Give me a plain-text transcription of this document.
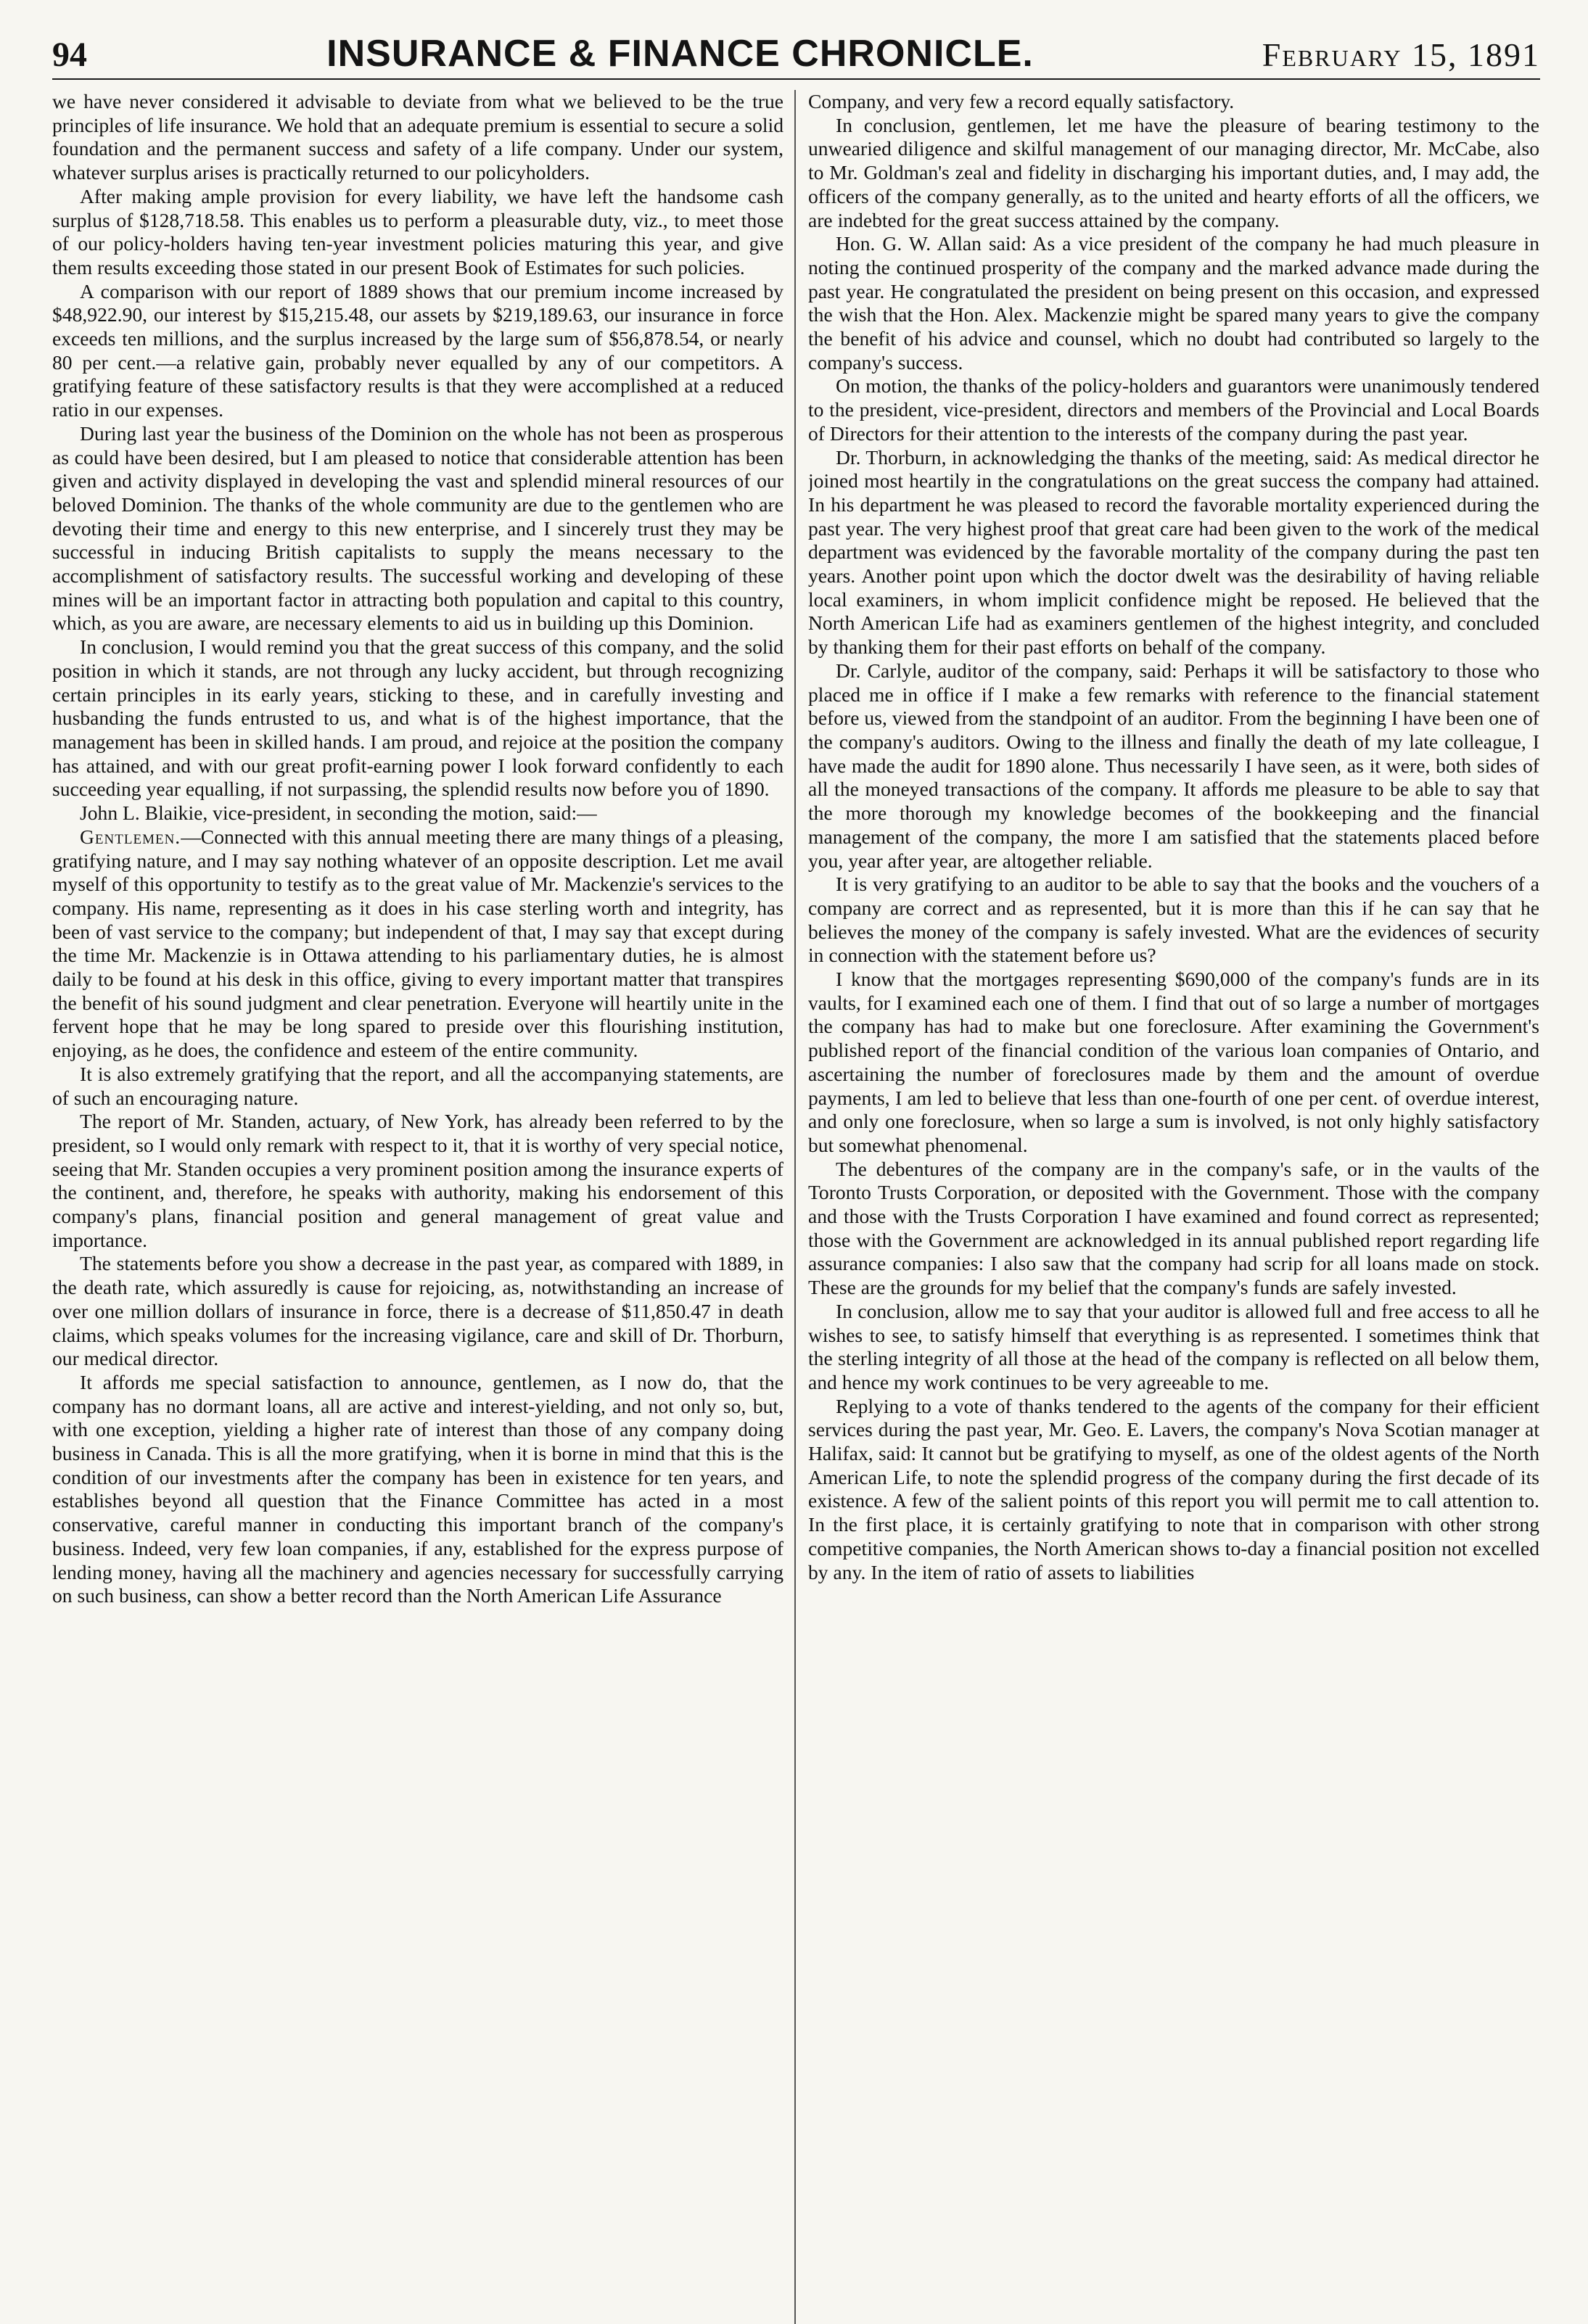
94	INSURANCE & FINANCE CHRONICLE.	February 15, 1891

we have never considered it advisable to deviate from what we believed to be the true principles of life insurance. We hold that an adequate premium is essential to secure a solid foundation and the permanent success and safety of a life company. Under our system, whatever surplus arises is practically returned to our policyholders.

After making ample provision for every liability, we have left the handsome cash surplus of $128,718.58. This enables us to perform a pleasurable duty, viz., to meet those of our policy-holders having ten-year investment policies maturing this year, and give them results exceeding those stated in our present Book of Estimates for such policies.

A comparison with our report of 1889 shows that our premium income increased by $48,922.90, our interest by $15,215.48, our assets by $219,189.63, our insurance in force exceeds ten millions, and the surplus increased by the large sum of $56,878.54, or nearly 80 per cent.—a relative gain, probably never equalled by any of our competitors. A gratifying feature of these satisfactory results is that they were accomplished at a reduced ratio in our expenses.

During last year the business of the Dominion on the whole has not been as prosperous as could have been desired, but I am pleased to notice that considerable attention has been given and activity displayed in developing the vast and splendid mineral resources of our beloved Dominion. The thanks of the whole community are due to the gentlemen who are devoting their time and energy to this new enterprise, and I sincerely trust they may be successful in inducing British capitalists to supply the means necessary to the accomplishment of satisfactory results. The successful working and developing of these mines will be an important factor in attracting both population and capital to this country, which, as you are aware, are necessary elements to aid us in building up this Dominion.

In conclusion, I would remind you that the great success of this company, and the solid position in which it stands, are not through any lucky accident, but through recognizing certain principles in its early years, sticking to these, and in carefully investing and husbanding the funds entrusted to us, and what is of the highest importance, that the management has been in skilled hands. I am proud, and rejoice at the position the company has attained, and with our great profit-earning power I look forward confidently to each succeeding year equalling, if not surpassing, the splendid results now before you of 1890.

John L. Blaikie, vice-president, in seconding the motion, said:—

Gentlemen.—Connected with this annual meeting there are many things of a pleasing, gratifying nature, and I may say nothing whatever of an opposite description. Let me avail myself of this opportunity to testify as to the great value of Mr. Mackenzie's services to the company. His name, representing as it does in his case sterling worth and integrity, has been of vast service to the company; but independent of that, I may say that except during the time Mr. Mackenzie is in Ottawa attending to his parliamentary duties, he is almost daily to be found at his desk in this office, giving to every important matter that transpires the benefit of his sound judgment and clear penetration. Everyone will heartily unite in the fervent hope that he may be long spared to preside over this flourishing institution, enjoying, as he does, the confidence and esteem of the entire community.

It is also extremely gratifying that the report, and all the accompanying statements, are of such an encouraging nature.

The report of Mr. Standen, actuary, of New York, has already been referred to by the president, so I would only remark with respect to it, that it is worthy of very special notice, seeing that Mr. Standen occupies a very prominent position among the insurance experts of the continent, and, therefore, he speaks with authority, making his endorsement of this company's plans, financial position and general management of great value and importance.

The statements before you show a decrease in the past year, as compared with 1889, in the death rate, which assuredly is cause for rejoicing, as, notwithstanding an increase of over one million dollars of insurance in force, there is a decrease of $11,850.47 in death claims, which speaks volumes for the increasing vigilance, care and skill of Dr. Thorburn, our medical director.

It affords me special satisfaction to announce, gentlemen, as I now do, that the company has no dormant loans, all are active and interest-yielding, and not only so, but, with one exception, yielding a higher rate of interest than those of any company doing business in Canada. This is all the more gratifying, when it is borne in mind that this is the condition of our investments after the company has been in existence for ten years, and establishes beyond all question that the Finance Committee has acted in a most conservative, careful manner in conducting this important branch of the company's business. Indeed, very few loan companies, if any, established for the express purpose of lending money, having all the machinery and agencies necessary for successfully carrying on such business, can show a better record than the North American Life Assurance

Company, and very few a record equally satisfactory.

In conclusion, gentlemen, let me have the pleasure of bearing testimony to the unwearied diligence and skilful management of our managing director, Mr. McCabe, also to Mr. Goldman's zeal and fidelity in discharging his important duties, and, I may add, the officers of the company generally, as to the united and hearty efforts of all the officers, we are indebted for the great success attained by the company.

Hon. G. W. Allan said: As a vice president of the company he had much pleasure in noting the continued prosperity of the company and the marked advance made during the past year. He congratulated the president on being present on this occasion, and expressed the wish that the Hon. Alex. Mackenzie might be spared many years to give the company the benefit of his advice and counsel, which no doubt had contributed so largely to the company's success.

On motion, the thanks of the policy-holders and guarantors were unanimously tendered to the president, vice-president, directors and members of the Provincial and Local Boards of Directors for their attention to the interests of the company during the past year.

Dr. Thorburn, in acknowledging the thanks of the meeting, said: As medical director he joined most heartily in the congratulations on the great success the company had attained. In his department he was pleased to record the favorable mortality experienced during the past year. The very highest proof that great care had been given to the work of the medical department was evidenced by the favorable mortality of the company during the past ten years. Another point upon which the doctor dwelt was the desirability of having reliable local examiners, in whom implicit confidence might be reposed. He believed that the North American Life had as examiners gentlemen of the highest integrity, and concluded by thanking them for their past efforts on behalf of the company.

Dr. Carlyle, auditor of the company, said: Perhaps it will be satisfactory to those who placed me in office if I make a few remarks with reference to the financial statement before us, viewed from the standpoint of an auditor. From the beginning I have been one of the company's auditors. Owing to the illness and finally the death of my late colleague, I have made the audit for 1890 alone. Thus necessarily I have seen, as it were, both sides of all the moneyed transactions of the company. It affords me pleasure to be able to say that the more thorough my knowledge becomes of the bookkeeping and the financial management of the company, the more I am satisfied that the statements placed before you, year after year, are altogether reliable.

It is very gratifying to an auditor to be able to say that the books and the vouchers of a company are correct and as represented, but it is more than this if he can say that he believes the money of the company is safely invested. What are the evidences of security in connection with the statement before us?

I know that the mortgages representing $690,000 of the company's funds are in its vaults, for I examined each one of them. I find that out of so large a number of mortgages the company has had to make but one foreclosure. After examining the Government's published report of the financial condition of the various loan companies of Ontario, and ascertaining the number of foreclosures made by them and the amount of overdue payments, I am led to believe that less than one-fourth of one per cent. of overdue interest, and only one foreclosure, when so large a sum is involved, is not only highly satisfactory but somewhat phenomenal.

The debentures of the company are in the company's safe, or in the vaults of the Toronto Trusts Corporation, or deposited with the Government. Those with the company and those with the Trusts Corporation I have examined and found correct as represented; those with the Government are acknowledged in its annual published report regarding life assurance companies: I also saw that the company had scrip for all loans made on stock. These are the grounds for my belief that the company's funds are safely invested.

In conclusion, allow me to say that your auditor is allowed full and free access to all he wishes to see, to satisfy himself that everything is as represented. I sometimes think that the sterling integrity of all those at the head of the company is reflected on all below them, and hence my work continues to be very agreeable to me.

Replying to a vote of thanks tendered to the agents of the company for their efficient services during the past year, Mr. Geo. E. Lavers, the company's Nova Scotian manager at Halifax, said: It cannot but be gratifying to myself, as one of the oldest agents of the North American Life, to note the splendid progress of the company during the first decade of its existence. A few of the salient points of this report you will permit me to call attention to. In the first place, it is certainly gratifying to note that in comparison with other strong competitive companies, the North American shows to-day a financial position not excelled by any. In the item of ratio of assets to liabilities
